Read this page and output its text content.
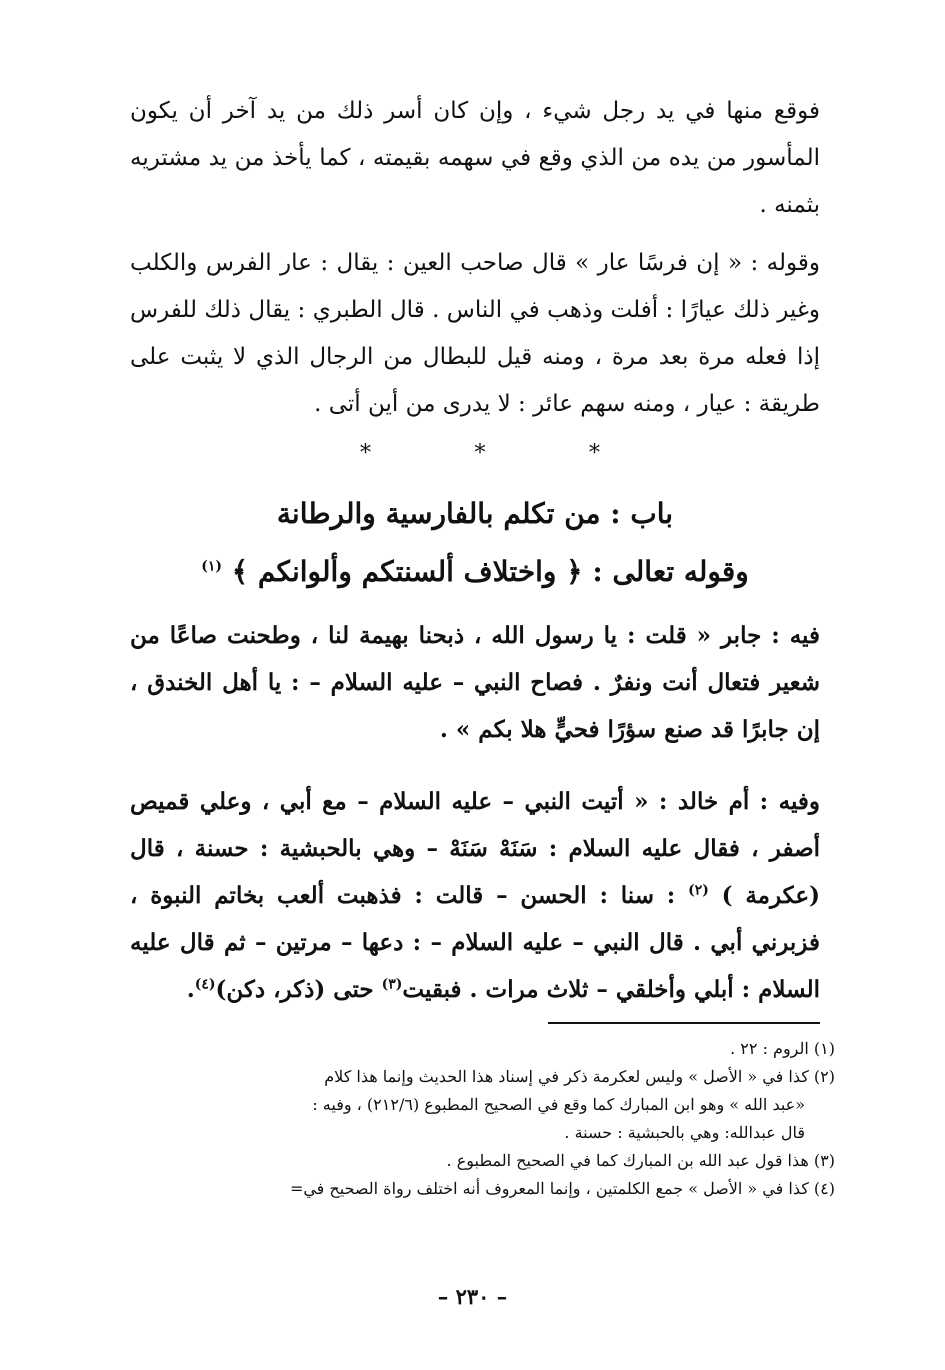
فوقع منها في يد رجل شيء ، وإن كان أسر ذلك من يد آخر أن يكون المأسور من يده من الذي وقع في سهمه بقيمته ، كما يأخذ من يد مشتريه بثمنه .
وقوله : « إن فرسًا عار » قال صاحب العين : يقال : عار الفرس والكلب وغير ذلك عيارًا : أفلت وذهب في الناس . قال الطبري : يقال ذلك للفرس إذا فعله مرة بعد مرة ، ومنه قيل للبطال من الرجال الذي لا يثبت على طريقة : عيار ، ومنه سهم عائر : لا يدرى من أين أتى .
*
*
*
باب : من تكلم بالفارسية والرطانة
وقوله تعالى : ﴿ واختلاف ألسنتكم وألوانكم ﴾ $^{(١)}$
فيه : جابر « قلت : يا رسول الله ، ذبحنا بهيمة لنا ، وطحنت صاعًا من شعير فتعال أنت ونفرٌ . فصاح النبي – عليه السلام – : يا أهل الخندق ، إن جابرًا قد صنع سؤرًا فحيٍّ هلا بكم » .
وفيه : أم خالد : « أتيت النبي – عليه السلام – مع أبي ، وعلي قميص أصفر ، فقال عليه السلام : سَنَهْ سَنَهْ – وهي بالحبشية : حسنة ، قال (عكرمة ) $^{(٢)}$ : سنا : الحسن – قالت : فذهبت ألعب بخاتم النبوة ، فزبرني أبي . قال النبي – عليه السلام – : دعها – مرتين – ثم قال عليه السلام : أبلي وأخلقي – ثلاث مرات . فبقيت$^{(٣)}$ حتى (ذكر، دكن)$^{(٤)}$.
(١) الروم : ٢٢ .
(٢) كذا في « الأصل » وليس لعكرمة ذكر في إسناد هذا الحديث وإنما هذا كلام
«عبد الله » وهو ابن المبارك كما وقع في الصحيح المطبوع (٢١٢/٦) ، وفيه :
قال عبدالله: وهي بالحبشية : حسنة .
(٣) هذا قول عبد الله بن المبارك كما في الصحيح المطبوع .
(٤) كذا في « الأصل » جمع الكلمتين ، وإنما المعروف أنه اختلف رواة الصحيح في=
– ٢٣٠ –
